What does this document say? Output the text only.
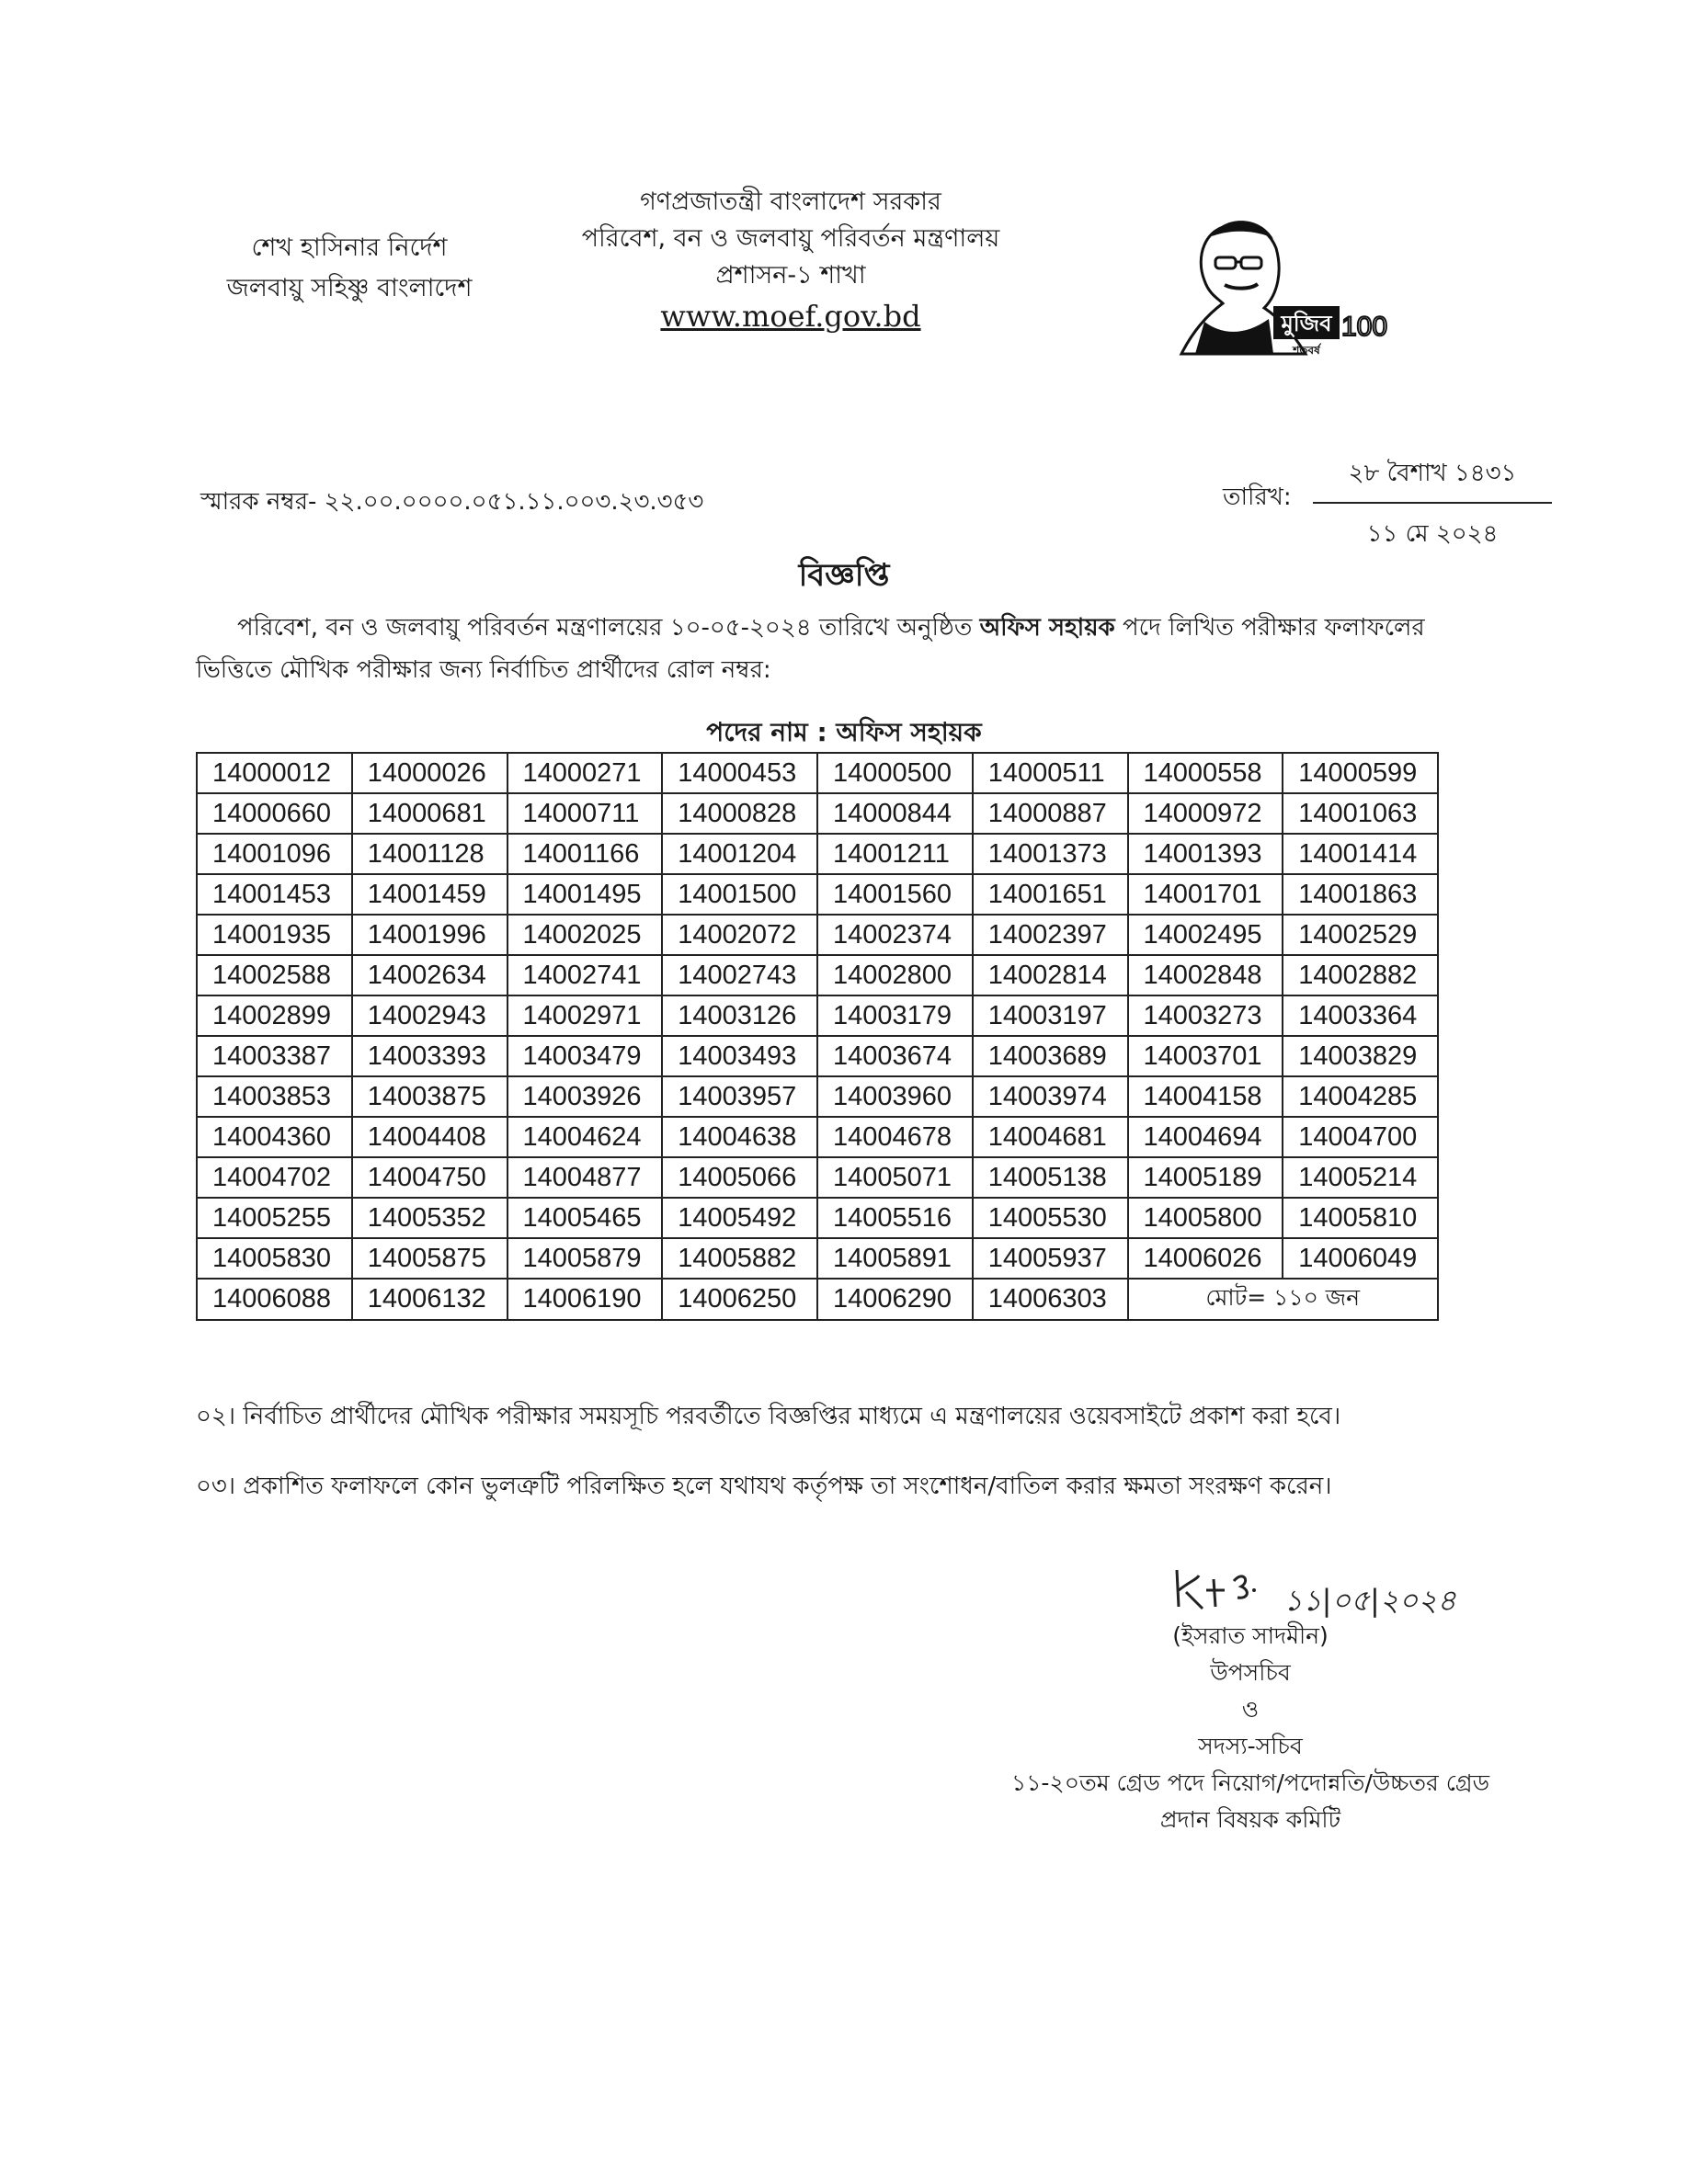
শেখ হাসিনার নির্দেশ
জলবায়ু সহিষ্ণু বাংলাদেশ
গণপ্রজাতন্ত্রী বাংলাদেশ সরকার
পরিবেশ, বন ও জলবায়ু পরিবর্তন মন্ত্রণালয়
প্রশাসন-১ শাখা
www.moef.gov.bd	মুজিব
শতবর্ষ
100
স্মারক নম্বর- ২২.০০.০০০০.০৫১.১১.০০৩.২৩.৩৫৩	তারিখ:
২৮ বৈশাখ ১৪৩১
১১ মে ২০২৪
বিজ্ঞপ্তি
পরিবেশ, বন ও জলবায়ু পরিবর্তন মন্ত্রণালয়ের ১০-০৫-২০২৪ তারিখে অনুষ্ঠিত অফিস সহায়ক পদে লিখিত পরীক্ষার ফলাফলের ভিত্তিতে মৌখিক পরীক্ষার জন্য নির্বাচিত প্রার্থীদের রোল নম্বর:
পদের নাম : অফিস সহায়ক
14000012	14000026	14000271	14000453	14000500	14000511	14000558	14000599
14000660	14000681	14000711	14000828	14000844	14000887	14000972	14001063
14001096	14001128	14001166	14001204	14001211	14001373	14001393	14001414
14001453	14001459	14001495	14001500	14001560	14001651	14001701	14001863
14001935	14001996	14002025	14002072	14002374	14002397	14002495	14002529
14002588	14002634	14002741	14002743	14002800	14002814	14002848	14002882
14002899	14002943	14002971	14003126	14003179	14003197	14003273	14003364
14003387	14003393	14003479	14003493	14003674	14003689	14003701	14003829
14003853	14003875	14003926	14003957	14003960	14003974	14004158	14004285
14004360	14004408	14004624	14004638	14004678	14004681	14004694	14004700
14004702	14004750	14004877	14005066	14005071	14005138	14005189	14005214
14005255	14005352	14005465	14005492	14005516	14005530	14005800	14005810
14005830	14005875	14005879	14005882	14005891	14005937	14006026	14006049
14006088	14006132	14006190	14006250	14006290	14006303	মোট= ১১০ জন	
০২। নির্বাচিত প্রার্থীদের মৌখিক পরীক্ষার সময়সূচি পরবর্তীতে বিজ্ঞপ্তির মাধ্যমে এ মন্ত্রণালয়ের ওয়েবসাইটে প্রকাশ করা হবে।
০৩। প্রকাশিত ফলাফলে কোন ভুলত্রুটি পরিলক্ষিত হলে যথাযথ কর্তৃপক্ষ তা সংশোধন/বাতিল করার ক্ষমতা সংরক্ষণ করেন।
১১|০৫|২০২৪
(ইসরাত সাদমীন)
উপসচিব
ও
সদস্য-সচিব
১১-২০তম গ্রেড পদে নিয়োগ/পদোন্নতি/উচ্চতর গ্রেড
প্রদান বিষয়ক কমিটি
